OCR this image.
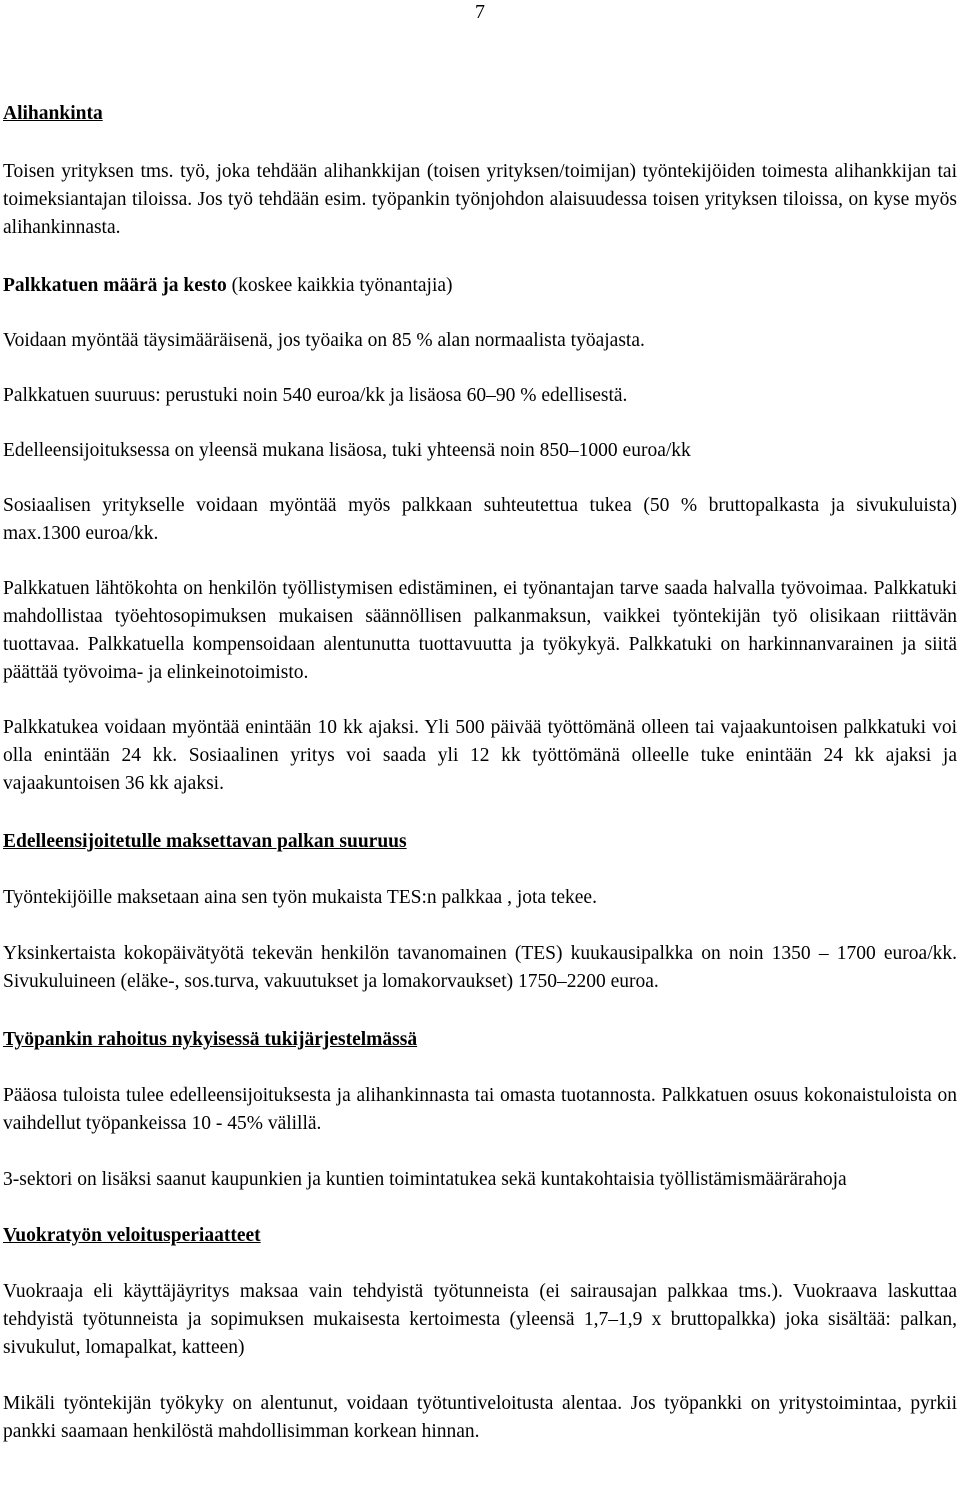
7

Alihankinta

Toisen yrityksen tms. työ, joka tehdään alihankkijan (toisen yrityksen/toimijan) työntekijöiden toimesta alihankkijan tai toimeksiantajan tiloissa. Jos työ tehdään esim. työpankin työnjohdon alaisuudessa toisen yrityksen tiloissa, on kyse myös alihankinnasta.

Palkkatuen määrä ja kesto (koskee kaikkia työnantajia)

Voidaan myöntää täysimääräisenä, jos työaika on 85 % alan normaalista työajasta.

Palkkatuen suuruus: perustuki noin 540 euroa/kk ja lisäosa 60–90 % edellisestä.

Edelleensijoituksessa on yleensä mukana lisäosa, tuki yhteensä noin 850–1000 euroa/kk

Sosiaalisen yritykselle voidaan myöntää myös palkkaan suhteutettua tukea (50 % bruttopalkasta ja sivukuluista) max.1300 euroa/kk.

Palkkatuen lähtökohta on henkilön työllistymisen edistäminen, ei työnantajan tarve saada halvalla työvoimaa. Palkkatuki mahdollistaa työehtosopimuksen mukaisen säännöllisen palkanmaksun, vaikkei työntekijän työ olisikaan riittävän tuottavaa. Palkkatuella kompensoidaan alentunutta tuottavuutta ja työkykyä. Palkkatuki on harkinnanvarainen ja siitä päättää työvoima- ja elinkeinotoimisto.

Palkkatukea voidaan myöntää enintään 10 kk ajaksi. Yli 500 päivää työttömänä olleen tai vajaakuntoisen palkkatuki voi olla enintään 24 kk. Sosiaalinen yritys voi saada yli 12 kk työttömänä olleelle tuke enintään 24 kk ajaksi ja vajaakuntoisen 36 kk ajaksi.

Edelleensijoitetulle maksettavan palkan suuruus

Työntekijöille maksetaan aina sen työn mukaista TES:n palkkaa , jota tekee.

Yksinkertaista kokopäivätyötä tekevän henkilön tavanomainen (TES) kuukausipalkka on noin 1350 – 1700 euroa/kk. Sivukuluineen (eläke-, sos.turva, vakuutukset ja lomakorvaukset) 1750–2200 euroa.

Työpankin rahoitus nykyisessä tukijärjestelmässä

Pääosa tuloista tulee edelleensijoituksesta ja alihankinnasta tai omasta tuotannosta. Palkkatuen osuus kokonaistuloista on vaihdellut työpankeissa 10 - 45% välillä.

3-sektori on lisäksi saanut kaupunkien ja kuntien toimintatukea sekä kuntakohtaisia työllistämismäärärahoja

Vuokratyön veloitusperiaatteet

Vuokraaja eli käyttäjäyritys maksaa vain tehdyistä työtunneista (ei sairausajan palkkaa tms.). Vuokraava laskuttaa tehdyistä työtunneista ja sopimuksen mukaisesta kertoimesta (yleensä 1,7–1,9 x bruttopalkka) joka sisältää: palkan, sivukulut, lomapalkat, katteen)

Mikäli työntekijän työkyky on alentunut, voidaan työtuntiveloitusta alentaa. Jos työpankki on yritystoimintaa, pyrkii pankki saamaan henkilöstä mahdollisimman korkean hinnan.
